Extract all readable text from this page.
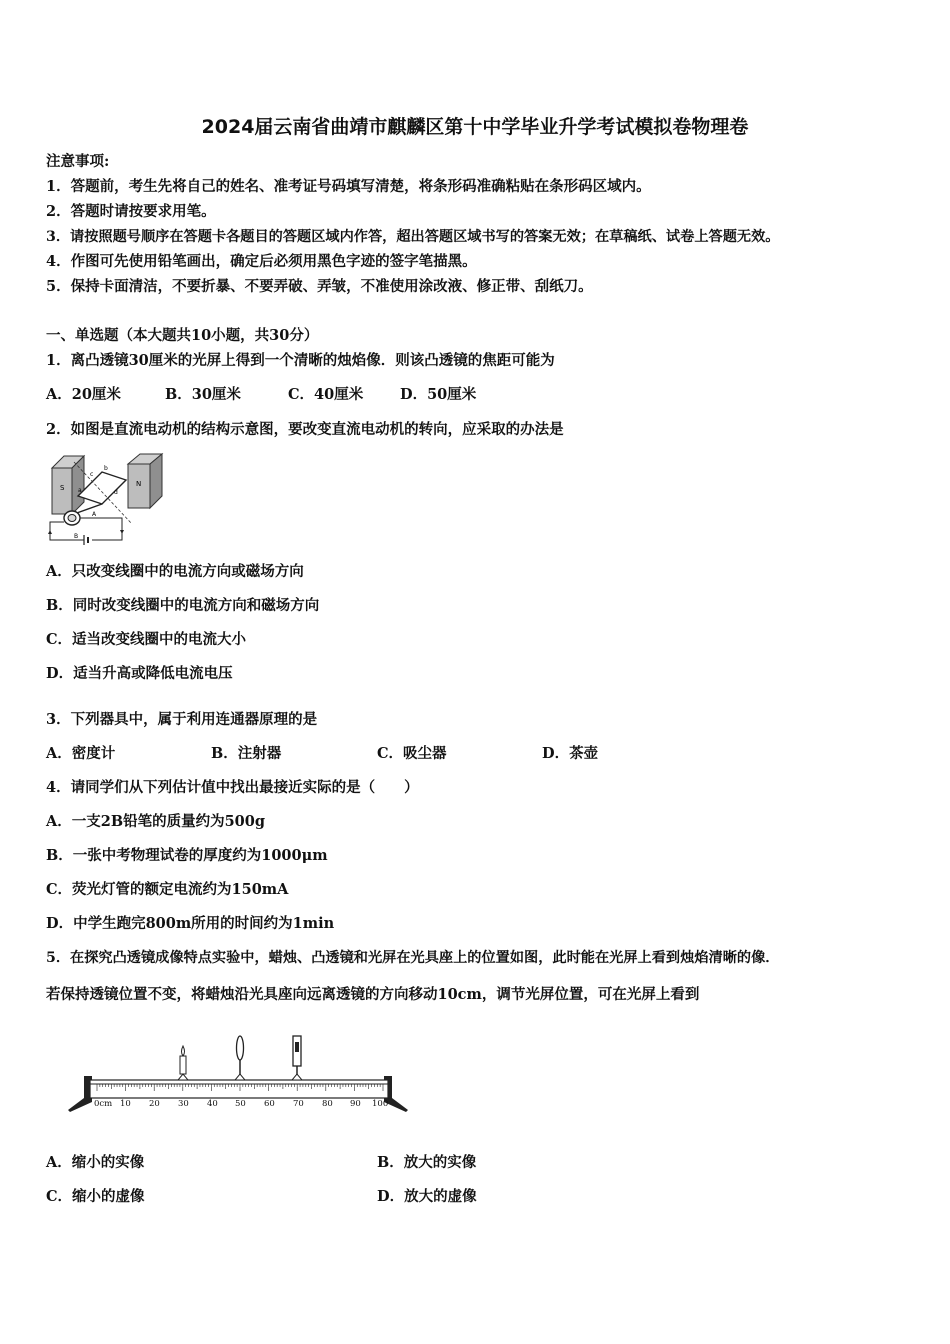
2024届云南省曲靖市麒麟区第十中学毕业升学考试模拟卷物理卷
注意事项:
1．答题前，考生先将自己的姓名、准考证号码填写清楚，将条形码准确粘贴在条形码区域内。
2．答题时请按要求用笔。
3．请按照题号顺序在答题卡各题目的答题区域内作答，超出答题区域书写的答案无效；在草稿纸、试卷上答题无效。
4．作图可先使用铅笔画出，确定后必须用黑色字迹的签字笔描黑。
5．保持卡面清洁，不要折暴、不要弄破、弄皱，不准使用涂改液、修正带、刮纸刀。
一、单选题（本大题共10小题，共30分）
1．离凸透镜30厘米的光屏上得到一个清晰的烛焰像．则该凸透镜的焦距可能为
A．20厘米	B．30厘米	C．40厘米	D．50厘米
2．如图是直流电动机的结构示意图，要改变直流电动机的转向，应采取的办法是
S	N
a
b
c
d
A
B
A．只改变线圈中的电流方向或磁场方向
B．同时改变线圈中的电流方向和磁场方向
C．适当改变线圈中的电流大小
D．适当升高或降低电流电压
3．下列器具中，属于利用连通器原理的是
A．密度计	B．注射器	C．吸尘器	D．茶壶
4．请同学们从下列估计值中找出最接近实际的是（　　）
A．一支2B铅笔的质量约为500g
B．一张中考物理试卷的厚度约为1000μm
C．荧光灯管的额定电流约为150mA
D．中学生跑完800m所用的时间约为1min
5．在探究凸透镜成像特点实验中，蜡烛、凸透镜和光屏在光具座上的位置如图，此时能在光屏上看到烛焰清晰的像．
若保持透镜位置不变，将蜡烛沿光具座向远离透镜的方向移动10cm，调节光屏位置，可在光屏上看到
0cm 10 20 30 40 50 60 70 80 90 100
A．缩小的实像	B．放大的实像
C．缩小的虚像	D．放大的虚像
